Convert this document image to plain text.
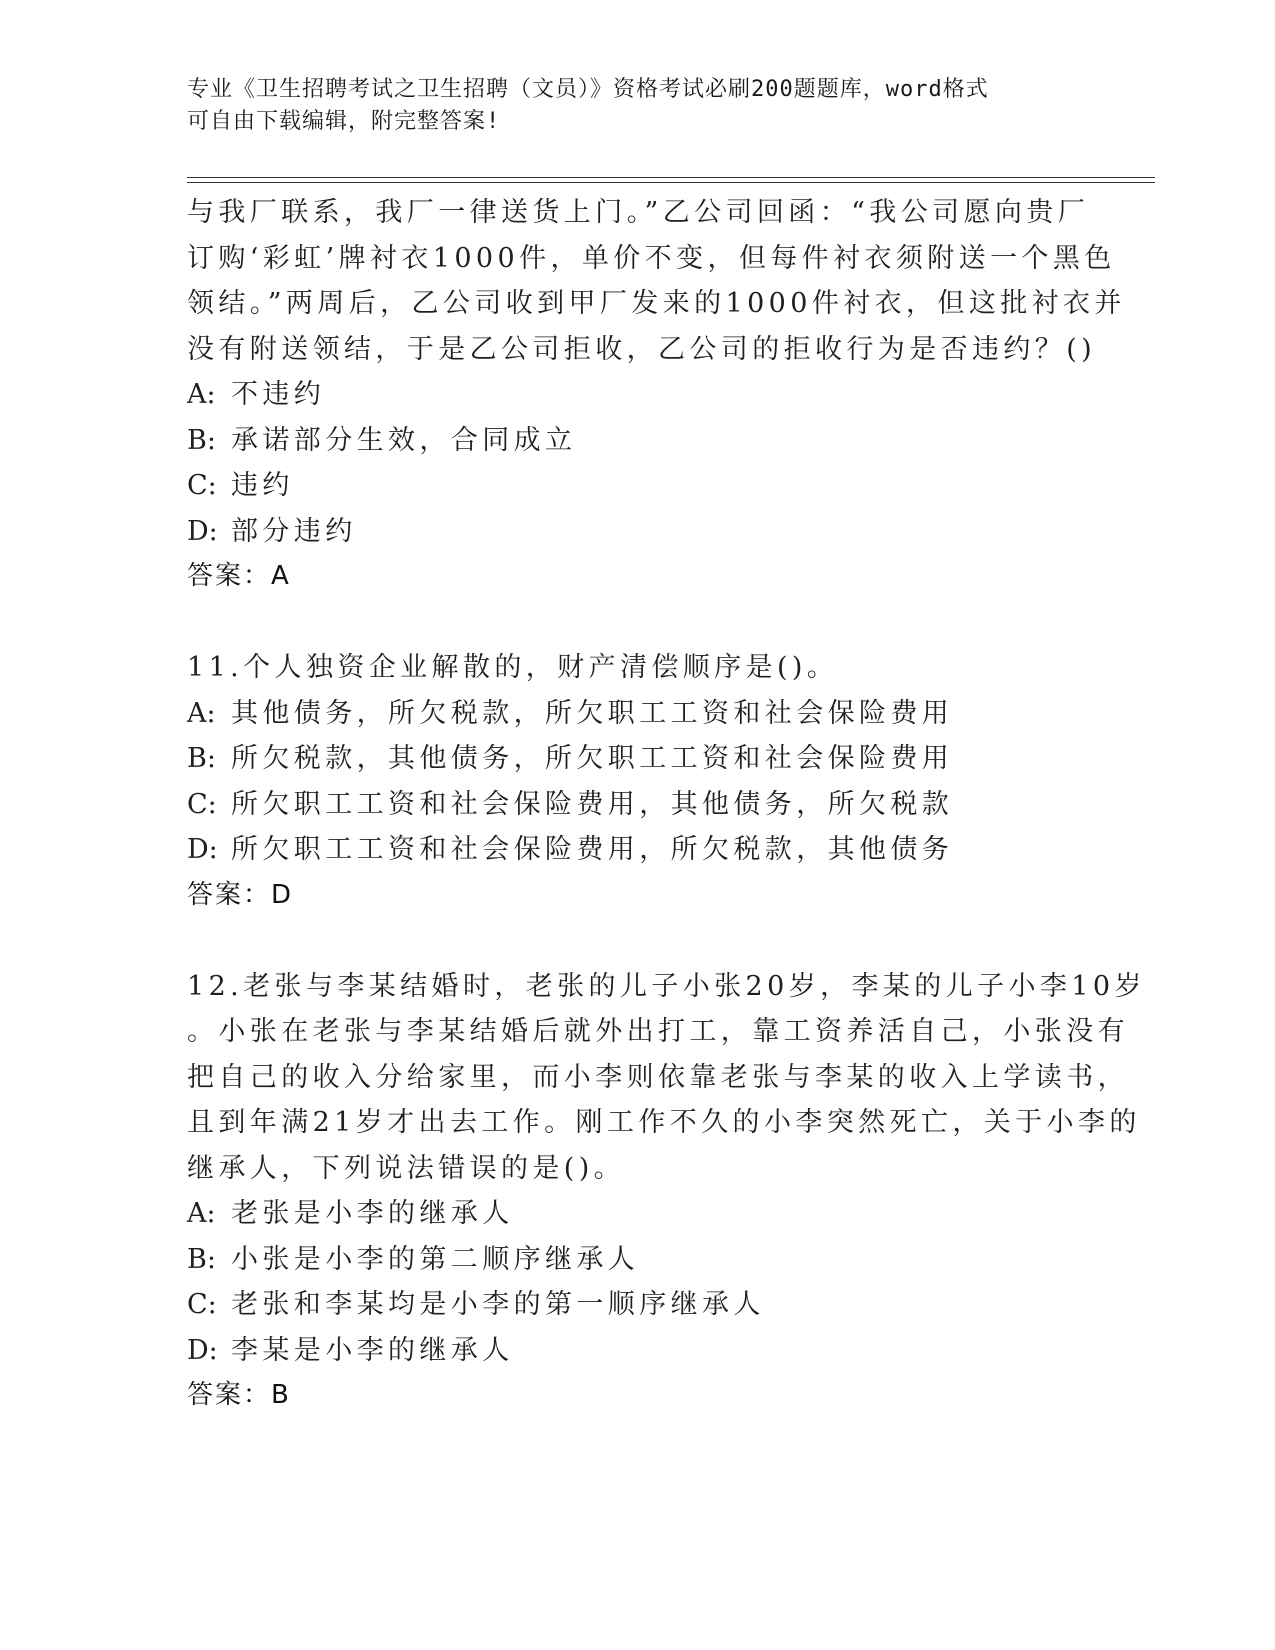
专业《卫生招聘考试之卫生招聘（文员）》资格考试必刷200题题库，word格式
可自由下载编辑，附完整答案!
与我厂联系，我厂一律送货上门。”乙公司回函：“我公司愿向贵厂
订购‘彩虹’牌衬衣1000件，单价不变，但每件衬衣须附送一个黑色
领结。”两周后，乙公司收到甲厂发来的1000件衬衣，但这批衬衣并
没有附送领结，于是乙公司拒收，乙公司的拒收行为是否违约？()
A: 不违约
B: 承诺部分生效，合同成立
C: 违约
D: 部分违约
答案：A
11.个人独资企业解散的，财产清偿顺序是()。
A: 其他债务，所欠税款，所欠职工工资和社会保险费用
B: 所欠税款，其他债务，所欠职工工资和社会保险费用
C: 所欠职工工资和社会保险费用，其他债务，所欠税款
D: 所欠职工工资和社会保险费用，所欠税款，其他债务
答案：D
12.老张与李某结婚时，老张的儿子小张20岁，李某的儿子小李10岁
。小张在老张与李某结婚后就外出打工，靠工资养活自己，小张没有
把自己的收入分给家里，而小李则依靠老张与李某的收入上学读书，
且到年满21岁才出去工作。刚工作不久的小李突然死亡，关于小李的
继承人，下列说法错误的是()。
A: 老张是小李的继承人
B: 小张是小李的第二顺序继承人
C: 老张和李某均是小李的第一顺序继承人
D: 李某是小李的继承人
答案：B
